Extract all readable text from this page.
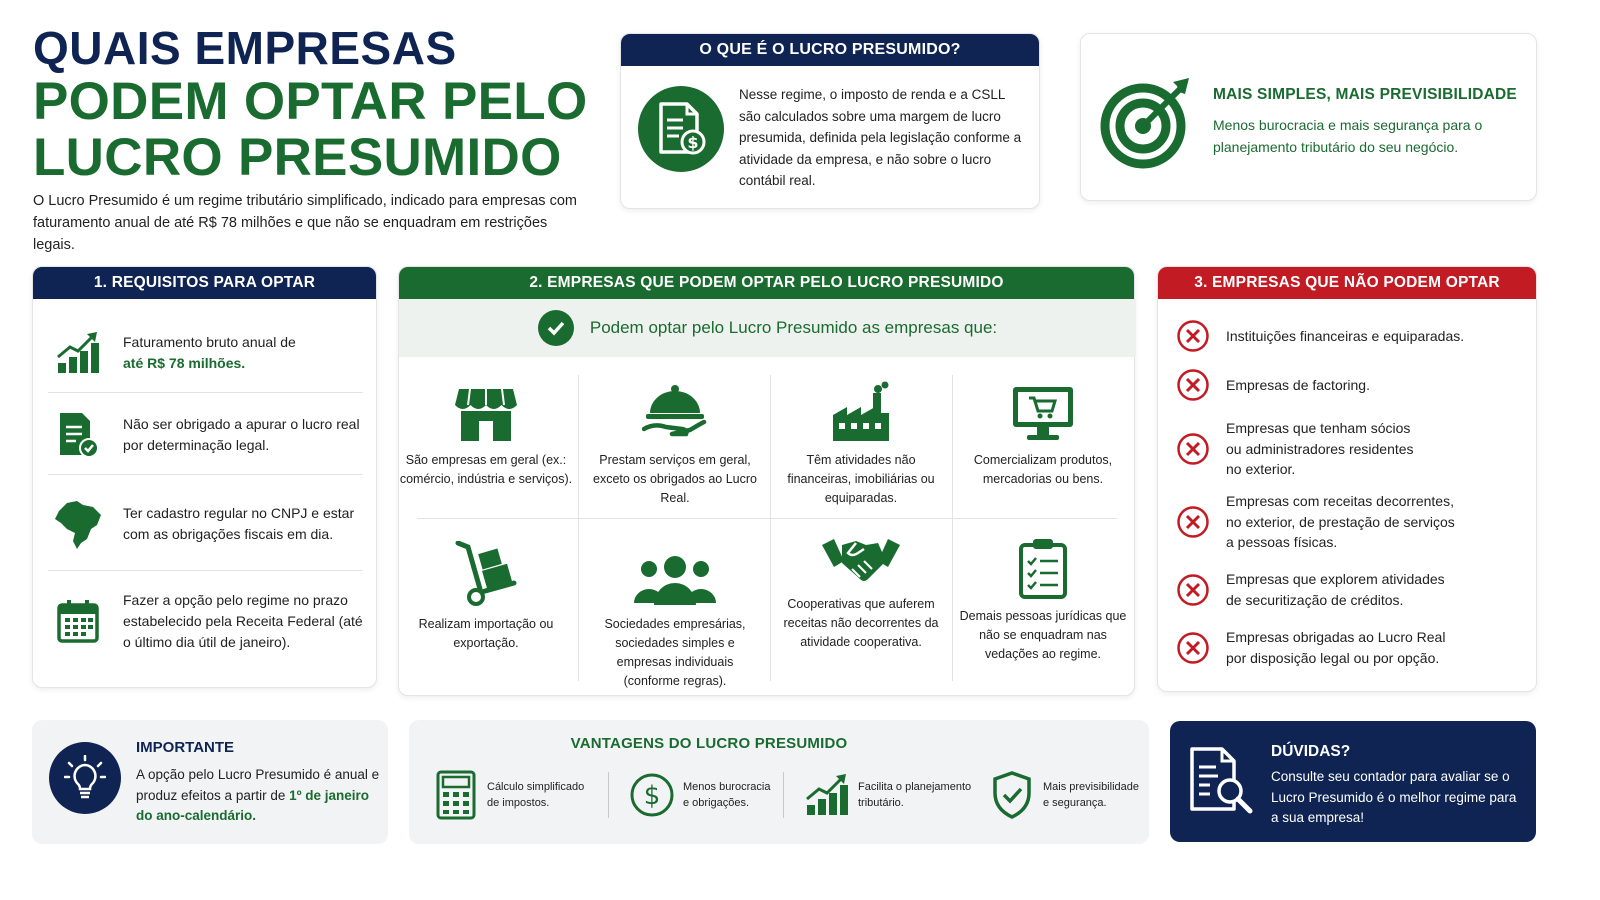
QUAIS EMPRESAS
PODEM OPTAR PELO
LUCRO PRESUMIDO
O Lucro Presumido é um regime tributário simplificado, indicado para empresas com faturamento anual de até R$ 78 milhões e que não se enquadram em restrições legais.
O QUE É O LUCRO PRESUMIDO?
$
Nesse regime, o imposto de renda e a CSLL são calculados sobre uma margem de lucro presumida, definida pela legislação conforme a atividade da empresa, e não sobre o lucro contábil real.
MAIS SIMPLES, MAIS PREVISIBILIDADE
Menos burocracia e mais segurança para o planejamento tributário do seu negócio.
1. REQUISITOS PARA OPTAR
Faturamento bruto anual de
até R$ 78 milhões.
Não ser obrigado a apurar o lucro real por determinação legal.
Ter cadastro regular no CNPJ e estar com as obrigações fiscais em dia.
Fazer a opção pelo regime no prazo estabelecido pela Receita Federal (até o último dia útil de janeiro).
2. EMPRESAS QUE PODEM OPTAR PELO LUCRO PRESUMIDO
Podem optar pelo Lucro Presumido as empresas que:
São empresas em geral (ex.: comércio, indústria e serviços).
Prestam serviços em geral, exceto os obrigados ao Lucro Real.
Têm atividades não financeiras, imobiliárias ou equiparadas.
Comercializam produtos, mercadorias ou bens.
Realizam importação ou exportação.
Sociedades empresárias, sociedades simples e empresas individuais (conforme regras).
Cooperativas que auferem receitas não decorrentes da atividade cooperativa.
Demais pessoas jurídicas que não se enquadram nas vedações ao regime.
3. EMPRESAS QUE NÃO PODEM OPTAR
Instituições financeiras e equiparadas.
Empresas de factoring.
Empresas que tenham sócios ou administradores residentes no exterior.
Empresas com receitas decorrentes, no exterior, de prestação de serviços a pessoas físicas.
Empresas que explorem atividades de securitização de créditos.
Empresas obrigadas ao Lucro Real por disposição legal ou por opção.
IMPORTANTE
A opção pelo Lucro Presumido é anual e produz efeitos a partir de 1º de janeiro do ano-calendário.
VANTAGENS DO LUCRO PRESUMIDO
Cálculo simplificado de impostos.	$ Menos burocracia e obrigações.
Facilita o planejamento tributário.
Mais previsibilidade e segurança.
DÚVIDAS?
Consulte seu contador para avaliar se o Lucro Presumido é o melhor regime para a sua empresa!
